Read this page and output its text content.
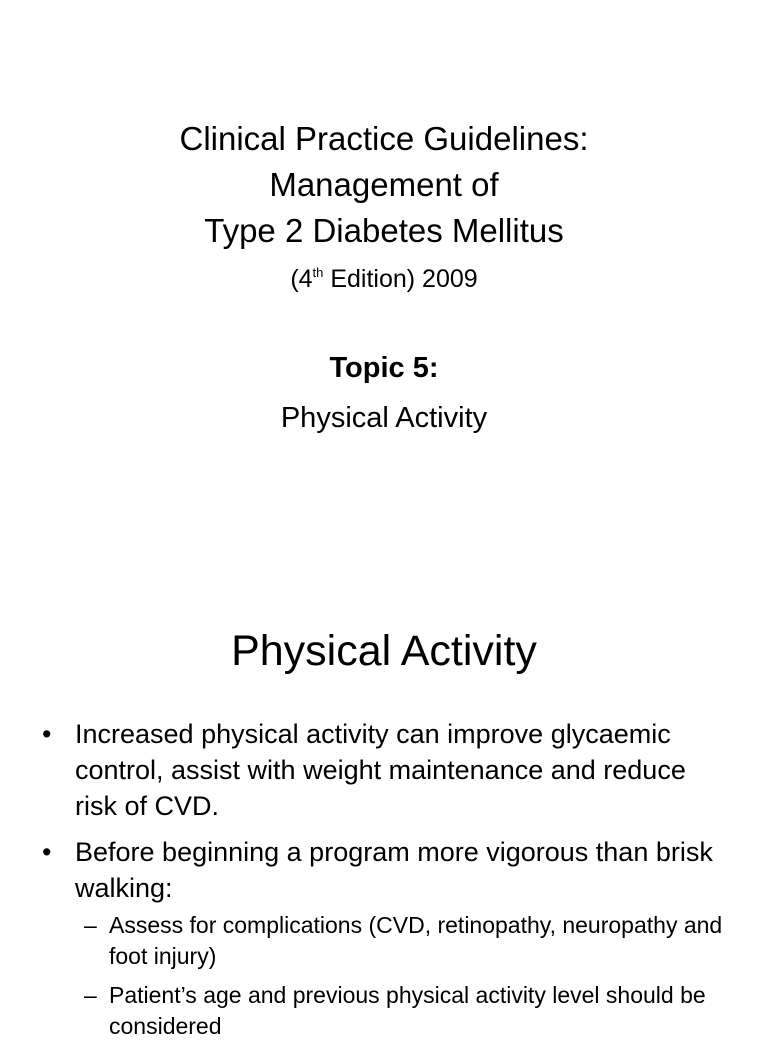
Clinical Practice Guidelines:
Management of
Type 2 Diabetes Mellitus
(4th Edition) 2009
Topic 5:
Physical Activity
Physical Activity
• Increased physical activity can improve glycaemic control, assist with weight maintenance and reduce risk of CVD.
• Before beginning a program more vigorous than brisk walking:
– Assess for complications (CVD, retinopathy, neuropathy and foot injury)
– Patient’s age and previous physical activity level should be considered
